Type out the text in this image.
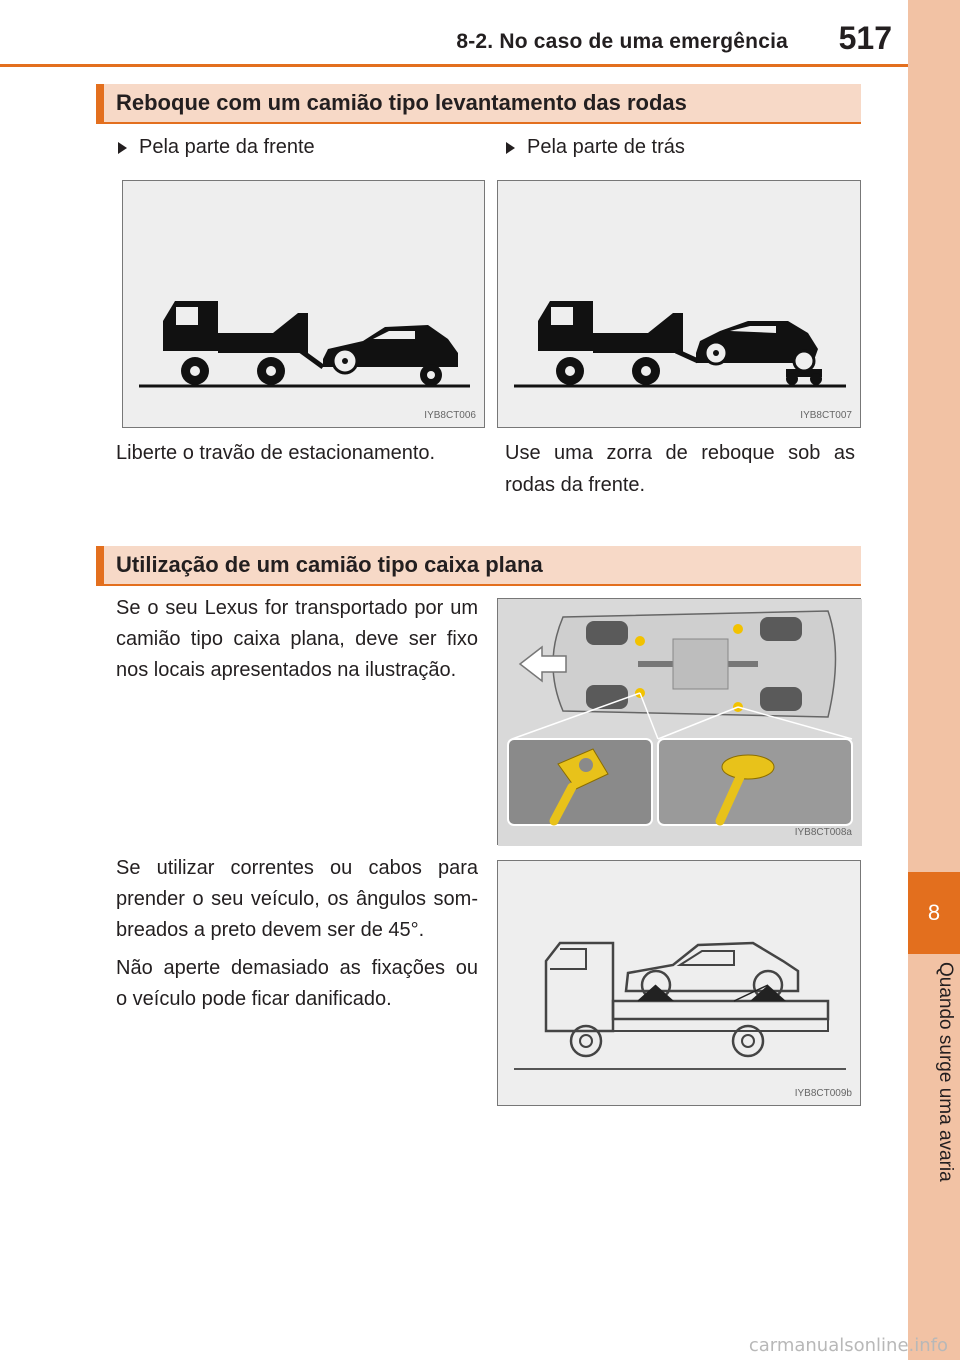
8
Quando surge uma avaria
8-2. No caso de uma emergência 517
Reboque com um camião tipo levantamento das rodas
Pela parte da frente	Pela parte de trás
IYB8CT006	IYB8CT007
Liberte o travão de estacionamento.	Use uma zorra de reboque sob as
rodas da frente.
Utilização de um camião tipo caixa plana
Se o seu Lexus for transportado por um
camião tipo caixa plana, deve ser fixo
nos locais apresentados na ilustração.
IYB8CT008a
Se utilizar correntes ou cabos para
prender o seu veículo, os ângulos som-
breados a preto devem ser de 45°.
Não aperte demasiado as fixações ou
o veículo pode ficar danificado.
IYB8CT009b
carmanualsonline.info
